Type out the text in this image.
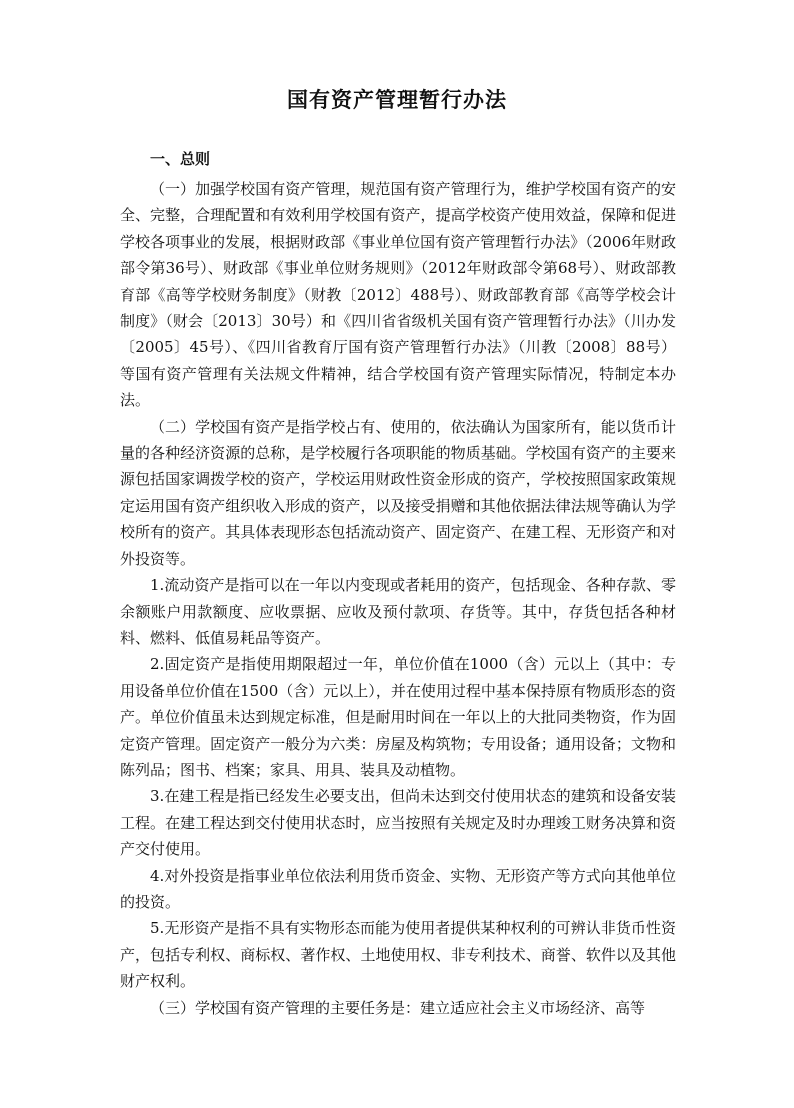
国有资产管理暂行办法
一、总则

（一）加强学校国有资产管理，规范国有资产管理行为，维护学校国有资产的安全、完整，合理配置和有效利用学校国有资产，提高学校资产使用效益，保障和促进学校各项事业的发展，根据财政部《事业单位国有资产管理暂行办法》（2006年财政部令第36号）、财政部《事业单位财务规则》（2012年财政部令第68号）、财政部教育部《高等学校财务制度》（财教〔2012〕488号）、财政部教育部《高等学校会计制度》（财会〔2013〕30号）和《四川省省级机关国有资产管理暂行办法》（川办发〔2005〕45号）、《四川省教育厅国有资产管理暂行办法》（川教〔2008〕88号）等国有资产管理有关法规文件精神，结合学校国有资产管理实际情况，特制定本办法。

（二）学校国有资产是指学校占有、使用的，依法确认为国家所有，能以货币计量的各种经济资源的总称，是学校履行各项职能的物质基础。学校国有资产的主要来源包括国家调拨学校的资产，学校运用财政性资金形成的资产，学校按照国家政策规定运用国有资产组织收入形成的资产，以及接受捐赠和其他依据法律法规等确认为学校所有的资产。其具体表现形态包括流动资产、固定资产、在建工程、无形资产和对外投资等。

1.流动资产是指可以在一年以内变现或者耗用的资产，包括现金、各种存款、零余额账户用款额度、应收票据、应收及预付款项、存货等。其中，存货包括各种材料、燃料、低值易耗品等资产。

2.固定资产是指使用期限超过一年，单位价值在1000（含）元以上（其中：专用设备单位价值在1500（含）元以上），并在使用过程中基本保持原有物质形态的资产。单位价值虽未达到规定标准，但是耐用时间在一年以上的大批同类物资，作为固定资产管理。固定资产一般分为六类：房屋及构筑物；专用设备；通用设备；文物和陈列品；图书、档案；家具、用具、装具及动植物。

3.在建工程是指已经发生必要支出，但尚未达到交付使用状态的建筑和设备安装工程。在建工程达到交付使用状态时，应当按照有关规定及时办理竣工财务决算和资产交付使用。

4.对外投资是指事业单位依法利用货币资金、实物、无形资产等方式向其他单位的投资。

5.无形资产是指不具有实物形态而能为使用者提供某种权利的可辨认非货币性资产，包括专利权、商标权、著作权、土地使用权、非专利技术、商誉、软件以及其他财产权利。

（三）学校国有资产管理的主要任务是：建立适应社会主义市场经济、高等
